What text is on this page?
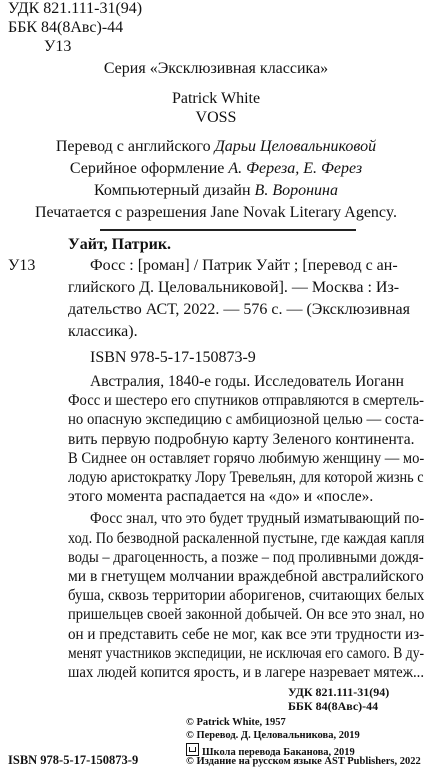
УДК 821.111-31(94)
ББК 84(8Авс)-44
У13
Серия «Эксклюзивная классика»
Patrick White
VOSS
Перевод с английского Дарьи Целовальниковой
Серийное оформление А. Фереза, Е. Ферез
Компьютерный дизайн В. Воронина
Печатается с разрешения Jane Novak Literary Agency.
Уайт, Патрик.
У13	Фосс : [роман] / Патрик Уайт ; [перевод с ан-
глийского Д. Целовальниковой]. — Москва : Из-
дательство АСТ, 2022. — 576 с. — (Эксклюзивная
классика).
ISBN 978-5-17-150873-9
Австралия, 1840-е годы. Исследователь Иоганн
Фосс и шестеро его спутников отправляются в смертель-
но опасную экспедицию с амбициозной целью — соста-
вить первую подробную карту Зеленого континента.
В Сиднее он оставляет горячо любимую женщину — мо-
лодую аристократку Лору Тревельян, для которой жизнь с
этого момента распадается на «до» и «после».
Фосс знал, что это будет трудный изматывающий по-
ход. По безводной раскаленной пустыне, где каждая капля
воды – драгоценность, а позже – под проливными дождя-
ми в гнетущем молчании враждебной австралийского
буша, сквозь территории аборигенов, считающих белых
пришельцев своей законной добычей. Он все это знал, но
он и представить себе не мог, как все эти трудности из-
менят участников экспедиции, не исключая его самого. В ду-
шах людей копится ярость, и в лагере назревает мятеж...
УДК 821.111-31(94)
ББК 84(8Авс)-44
© Patrick White, 1957
© Перевод. Д. Целовальникова, 2019
Школа перевода Баканова, 2019
© Издание на русском языке AST Publishers, 2022
ISBN 978-5-17-150873-9
